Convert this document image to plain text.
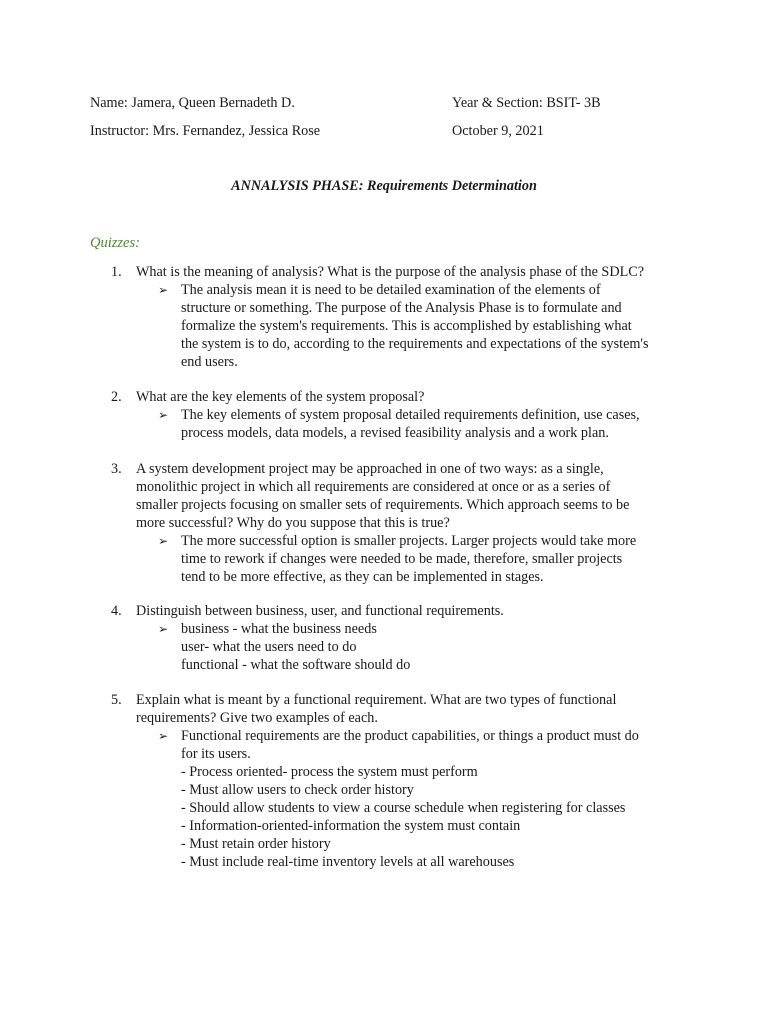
Name: Jamera, Queen Bernadeth D.	Year & Section: BSIT- 3B
Instructor: Mrs. Fernandez, Jessica Rose	October 9, 2021
ANNALYSIS PHASE: Requirements Determination
Quizzes:
1. What is the meaning of analysis? What is the purpose of the analysis phase of the SDLC?
➢ The analysis mean it is need to be detailed examination of the elements of
structure or something. The purpose of the Analysis Phase is to formulate and
formalize the system's requirements. This is accomplished by establishing what
the system is to do, according to the requirements and expectations of the system's
end users.
2. What are the key elements of the system proposal?
➢ The key elements of system proposal detailed requirements definition, use cases,
process models, data models, a revised feasibility analysis and a work plan.
3. A system development project may be approached in one of two ways: as a single,
monolithic project in which all requirements are considered at once or as a series of
smaller projects focusing on smaller sets of requirements. Which approach seems to be
more successful? Why do you suppose that this is true?
➢ The more successful option is smaller projects. Larger projects would take more
time to rework if changes were needed to be made, therefore, smaller projects
tend to be more effective, as they can be implemented in stages.
4. Distinguish between business, user, and functional requirements.
➢ business - what the business needs
user- what the users need to do
functional - what the software should do
5. Explain what is meant by a functional requirement. What are two types of functional
requirements? Give two examples of each.
➢ Functional requirements are the product capabilities, or things a product must do
for its users.
- Process oriented- process the system must perform
- Must allow users to check order history
- Should allow students to view a course schedule when registering for classes
- Information-oriented-information the system must contain
- Must retain order history
- Must include real-time inventory levels at all warehouses
